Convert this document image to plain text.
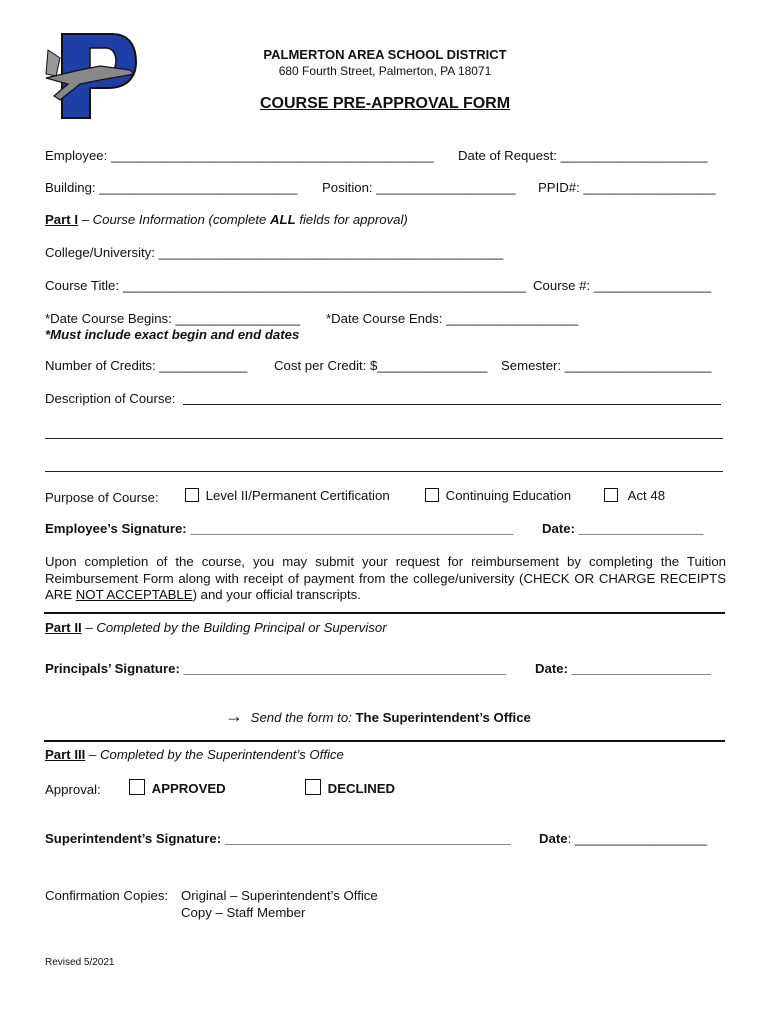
PALMERTON AREA SCHOOL DISTRICT
680 Fourth Street, Palmerton, PA 18071
COURSE PRE-APPROVAL FORM
Employee: ____________________________________________ Date of Request: ____________________
Building: ___________________________ Position: ___________________ PPID#: __________________
Part I – Course Information (complete ALL fields for approval)
College/University: _______________________________________________
Course Title: _______________________________________________________ Course #: ________________
*Date Course Begins: _________________ *Date Course Ends: __________________
*Must include exact begin and end dates
Number of Credits: ____________ Cost per Credit: $_______________ Semester: ____________________
Description of Course:
Purpose of Course:	Level II/Permanent Certification	Continuing Education	Act 48
Employee’s Signature: ____________________________________________ Date: _________________
Upon completion of the course, you may submit your request for reimbursement by completing the Tuition Reimbursement Form along with receipt of payment from the college/university (CHECK OR CHARGE RECEIPTS ARE NOT ACCEPTABLE) and your official transcripts.
Part II – Completed by the Building Principal or Supervisor
Principals’ Signature: ____________________________________________ Date: ___________________
→ Send the form to: The Superintendent’s Office
Part III – Completed by the Superintendent’s Office
Approval:	APPROVED	DECLINED
Superintendent’s Signature: _______________________________________ Date: __________________
Confirmation Copies: Original – Superintendent’s Office
Copy – Staff Member
Revised 5/2021
